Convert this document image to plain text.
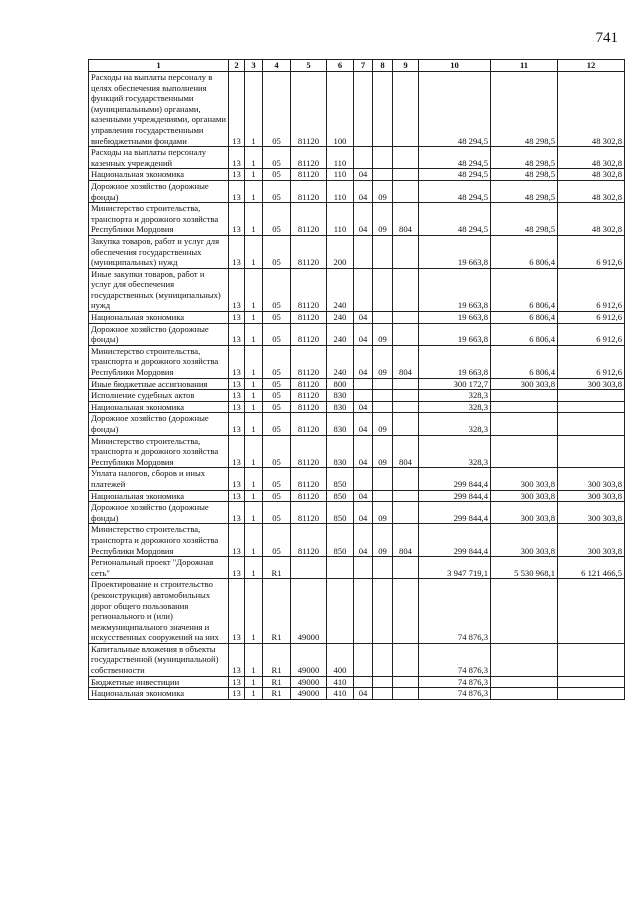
741
1	2	3	4	5	6	7	8	9	10	11	12
Расходы на выплаты персоналу в целях обеспечения выполнения функций государственными (муниципальными) органами, казенными учреждениями, органами управления государственными внебюджетными фондами	13	1	05	81120	100				48 294,5	48 298,5	48 302,8
Расходы на выплаты персоналу казенных учреждений	13	1	05	81120	110				48 294,5	48 298,5	48 302,8
Национальная экономика	13	1	05	81120	110	04			48 294,5	48 298,5	48 302,8
Дорожное хозяйство (дорожные фонды)	13	1	05	81120	110	04	09		48 294,5	48 298,5	48 302,8
Министерство строительства, транспорта и дорожного хозяйства Республики Мордовия	13	1	05	81120	110	04	09	804	48 294,5	48 298,5	48 302,8
Закупка товаров, работ и услуг для обеспечения государственных (муниципальных) нужд	13	1	05	81120	200				19 663,8	6 806,4	6 912,6
Иные закупки товаров, работ и услуг для обеспечения государственных (муниципальных) нужд	13	1	05	81120	240				19 663,8	6 806,4	6 912,6
Национальная экономика	13	1	05	81120	240	04			19 663,8	6 806,4	6 912,6
Дорожное хозяйство (дорожные фонды)	13	1	05	81120	240	04	09		19 663,8	6 806,4	6 912,6
Министерство строительства, транспорта и дорожного хозяйства Республики Мордовия	13	1	05	81120	240	04	09	804	19 663,8	6 806,4	6 912,6
Иные бюджетные ассигнования	13	1	05	81120	800				300 172,7	300 303,8	300 303,8
Исполнение судебных актов	13	1	05	81120	830				328,3		
Национальная экономика	13	1	05	81120	830	04			328,3		
Дорожное хозяйство (дорожные фонды)	13	1	05	81120	830	04	09		328,3		
Министерство строительства, транспорта и дорожного хозяйства Республики Мордовия	13	1	05	81120	830	04	09	804	328,3		
Уплата налогов, сборов и иных платежей	13	1	05	81120	850				299 844,4	300 303,8	300 303,8
Национальная экономика	13	1	05	81120	850	04			299 844,4	300 303,8	300 303,8
Дорожное хозяйство (дорожные фонды)	13	1	05	81120	850	04	09		299 844,4	300 303,8	300 303,8
Министерство строительства, транспорта и дорожного хозяйства Республики Мордовия	13	1	05	81120	850	04	09	804	299 844,4	300 303,8	300 303,8
Региональный проект "Дорожная сеть"	13	1	R1						3 947 719,1	5 530 968,1	6 121 466,5
Проектирование и строительство (реконструкция) автомобильных дорог общего пользования регионального и (или) межмуниципального значения и искусственных сооружений на них	13	1	R1	49000					74 876,3		
Капитальные вложения в объекты государственной (муниципальной) собственности	13	1	R1	49000	400				74 876,3		
Бюджетные инвестиции	13	1	R1	49000	410				74 876,3		
Национальная экономика	13	1	R1	49000	410	04			74 876,3		
